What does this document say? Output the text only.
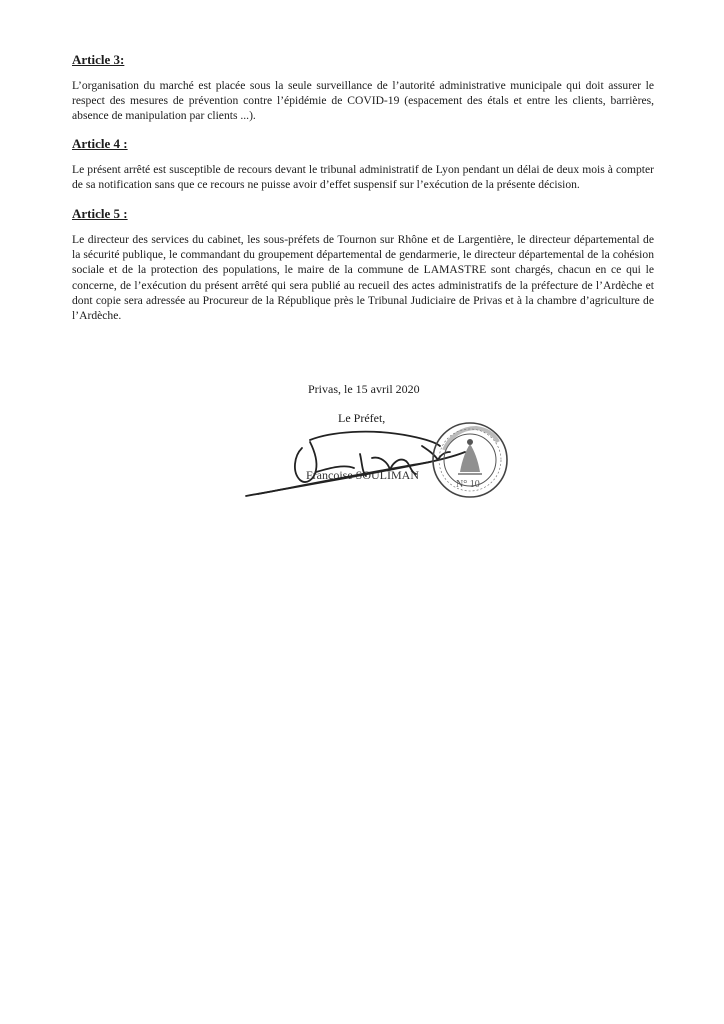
Article 3:

L’organisation du marché est placée sous la seule surveillance de l’autorité administrative municipale qui doit assurer le respect des mesures de prévention contre l’épidémie de COVID-19 (espacement des étals et entre les clients, barrières, absence de manipulation par clients ...).

Article 4 :

Le présent arrêté est susceptible de recours devant le tribunal administratif de Lyon pendant un délai de deux mois à compter de sa notification sans que ce recours ne puisse avoir d’effet suspensif sur l’exécution de la présente décision.

Article 5 :

Le directeur des services du cabinet, les sous-préfets de Tournon sur Rhône et de Largentière, le directeur départemental de la sécurité publique, le commandant du groupement départemental de gendarmerie, le directeur départemental de la cohésion sociale et de la protection des populations, le maire de la commune de LAMASTRE sont chargés, chacun en ce qui le concerne, de l’exécution du présent arrêté qui sera publié au recueil des actes administratifs de la préfecture de l’Ardèche et dont copie sera adressée au Procureur de la République près le Tribunal Judiciaire de Privas et à la chambre d’agriculture de l’Ardèche.

Privas, le 15 avril 2020
Le Préfet,
Françoise SOULIMAN
N° 10
